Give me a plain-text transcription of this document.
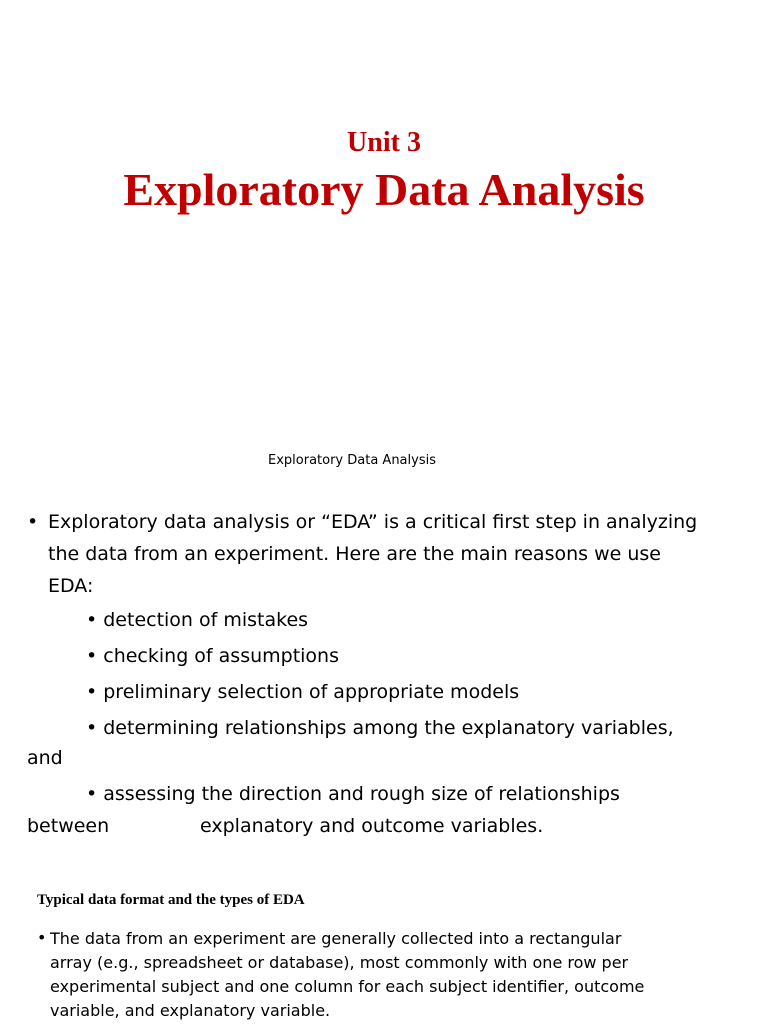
Unit 3
Exploratory Data Analysis
Exploratory Data Analysis
• Exploratory data analysis or “EDA” is a critical first step in analyzing

the data from an experiment. Here are the main reasons we use

EDA:

• detection of mistakes

• checking of assumptions

• preliminary selection of appropriate models

• determining relationships among the explanatory variables,

and

• assessing the direction and rough size of relationships

between	explanatory and outcome variables.

Typical data format and the types of EDA
• The data from an experiment are generally collected into a rectangular

array (e.g., spreadsheet or database), most commonly with one row per

experimental subject and one column for each subject identifier, outcome

variable, and explanatory variable.
